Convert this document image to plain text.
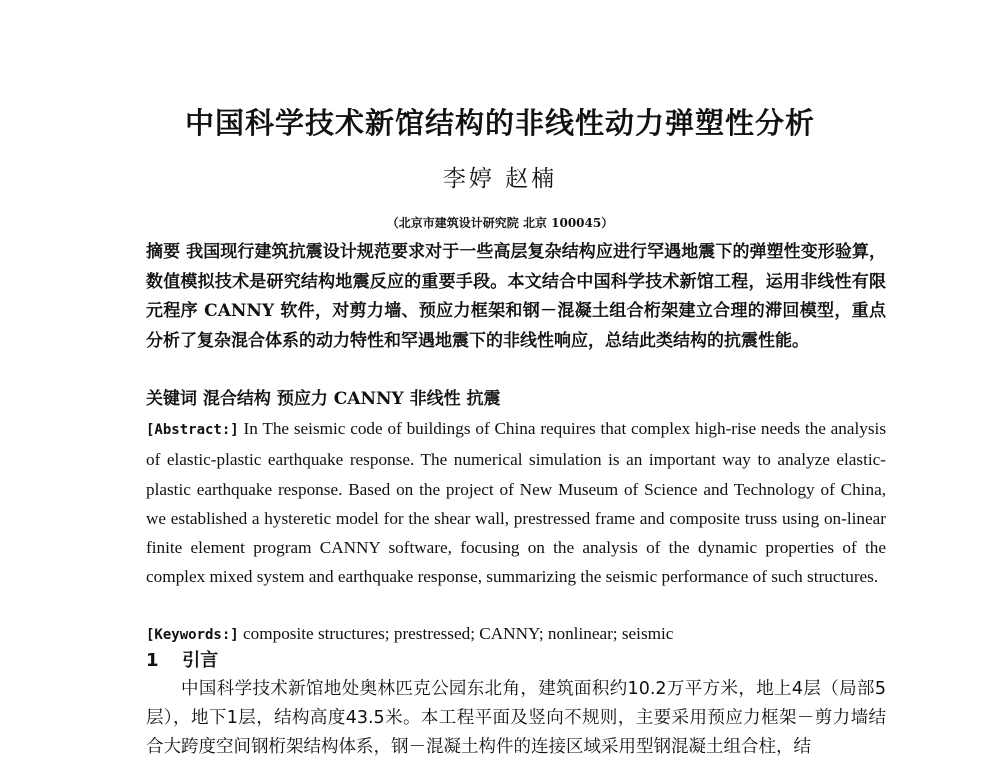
中国科学技术新馆结构的非线性动力弹塑性分析
李婷 赵楠
（北京市建筑设计研究院 北京 100045）
摘要 我国现行建筑抗震设计规范要求对于一些高层复杂结构应进行罕遇地震下的弹塑性变形验算，数值模拟技术是研究结构地震反应的重要手段。本文结合中国科学技术新馆工程，运用非线性有限元程序 CANNY 软件，对剪力墙、预应力框架和钢－混凝土组合桁架建立合理的滞回模型，重点分析了复杂混合体系的动力特性和罕遇地震下的非线性响应，总结此类结构的抗震性能。
关键词 混合结构 预应力 CANNY 非线性 抗震
[Abstract:] In The seismic code of buildings of China requires that complex high-rise needs the analysis of elastic-plastic earthquake response. The numerical simulation is an important way to analyze elastic-plastic earthquake response. Based on the project of New Museum of Science and Technology of China, we established a hysteretic model for the shear wall, prestressed frame and composite truss using on-linear finite element program CANNY software, focusing on the analysis of the dynamic properties of the complex mixed system and earthquake response, summarizing the seismic performance of such structures.
[Keywords:] composite structures; prestressed; CANNY; nonlinear; seismic
1 引言
中国科学技术新馆地处奥林匹克公园东北角，建筑面积约10.2万平方米，地上4层（局部5层），地下1层，结构高度43.5米。本工程平面及竖向不规则，主要采用预应力框架－剪力墙结合大跨度空间钢桁架结构体系，钢－混凝土构件的连接区域采用型钢混凝土组合柱，结
